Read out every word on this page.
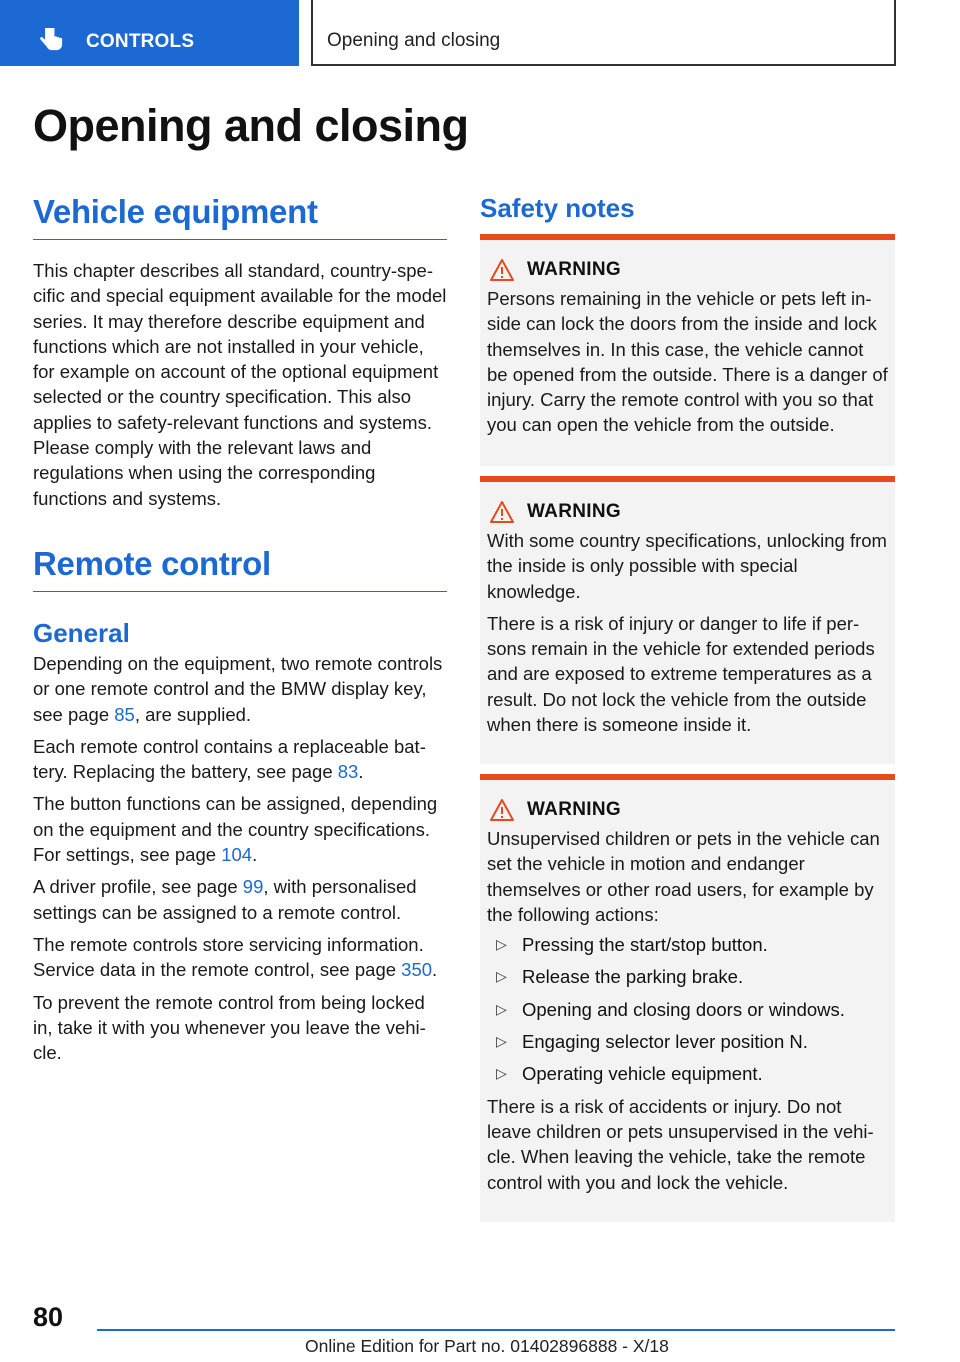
CONTROLS	Opening and closing
Opening and closing
Vehicle equipment

This chapter describes all standard, country-specific and special equipment available for the model series. It may therefore describe equipment and functions which are not installed in your vehicle, for example on account of the optional equipment selected or the country specification. This also applies to safety-relevant functions and systems. Please comply with the relevant laws and regulations when using the corresponding functions and systems.

Remote control
General

Depending on the equipment, two remote controls or one remote control and the BMW display key, see page 85, are supplied.

Each remote control contains a replaceable battery. Replacing the battery, see page 83.

The button functions can be assigned, depending on the equipment and the country specifications. For settings, see page 104.

A driver profile, see page 99, with personalised settings can be assigned to a remote control.

The remote controls store servicing information. Service data in the remote control, see page 350.

To prevent the remote control from being locked in, take it with you whenever you leave the vehicle.

Safety notes
WARNING

Persons remaining in the vehicle or pets left inside can lock the doors from the inside and lock themselves in. In this case, the vehicle cannot be opened from the outside. There is a danger of injury. Carry the remote control with you so that you can open the vehicle from the outside.

WARNING

With some country specifications, unlocking from the inside is only possible with special knowledge.

There is a risk of injury or danger to life if persons remain in the vehicle for extended periods and are exposed to extreme temperatures as a result. Do not lock the vehicle from the outside when there is someone inside it.

WARNING

Unsupervised children or pets in the vehicle can set the vehicle in motion and endanger themselves or other road users, for example by the following actions:

▷ Pressing the start/stop button.
▷ Release the parking brake.
▷ Opening and closing doors or windows.
▷ Engaging selector lever position N.
▷ Operating vehicle equipment.

There is a risk of accidents or injury. Do not leave children or pets unsupervised in the vehicle. When leaving the vehicle, take the remote control with you and lock the vehicle.

80
Online Edition for Part no. 01402896888 - X/18
